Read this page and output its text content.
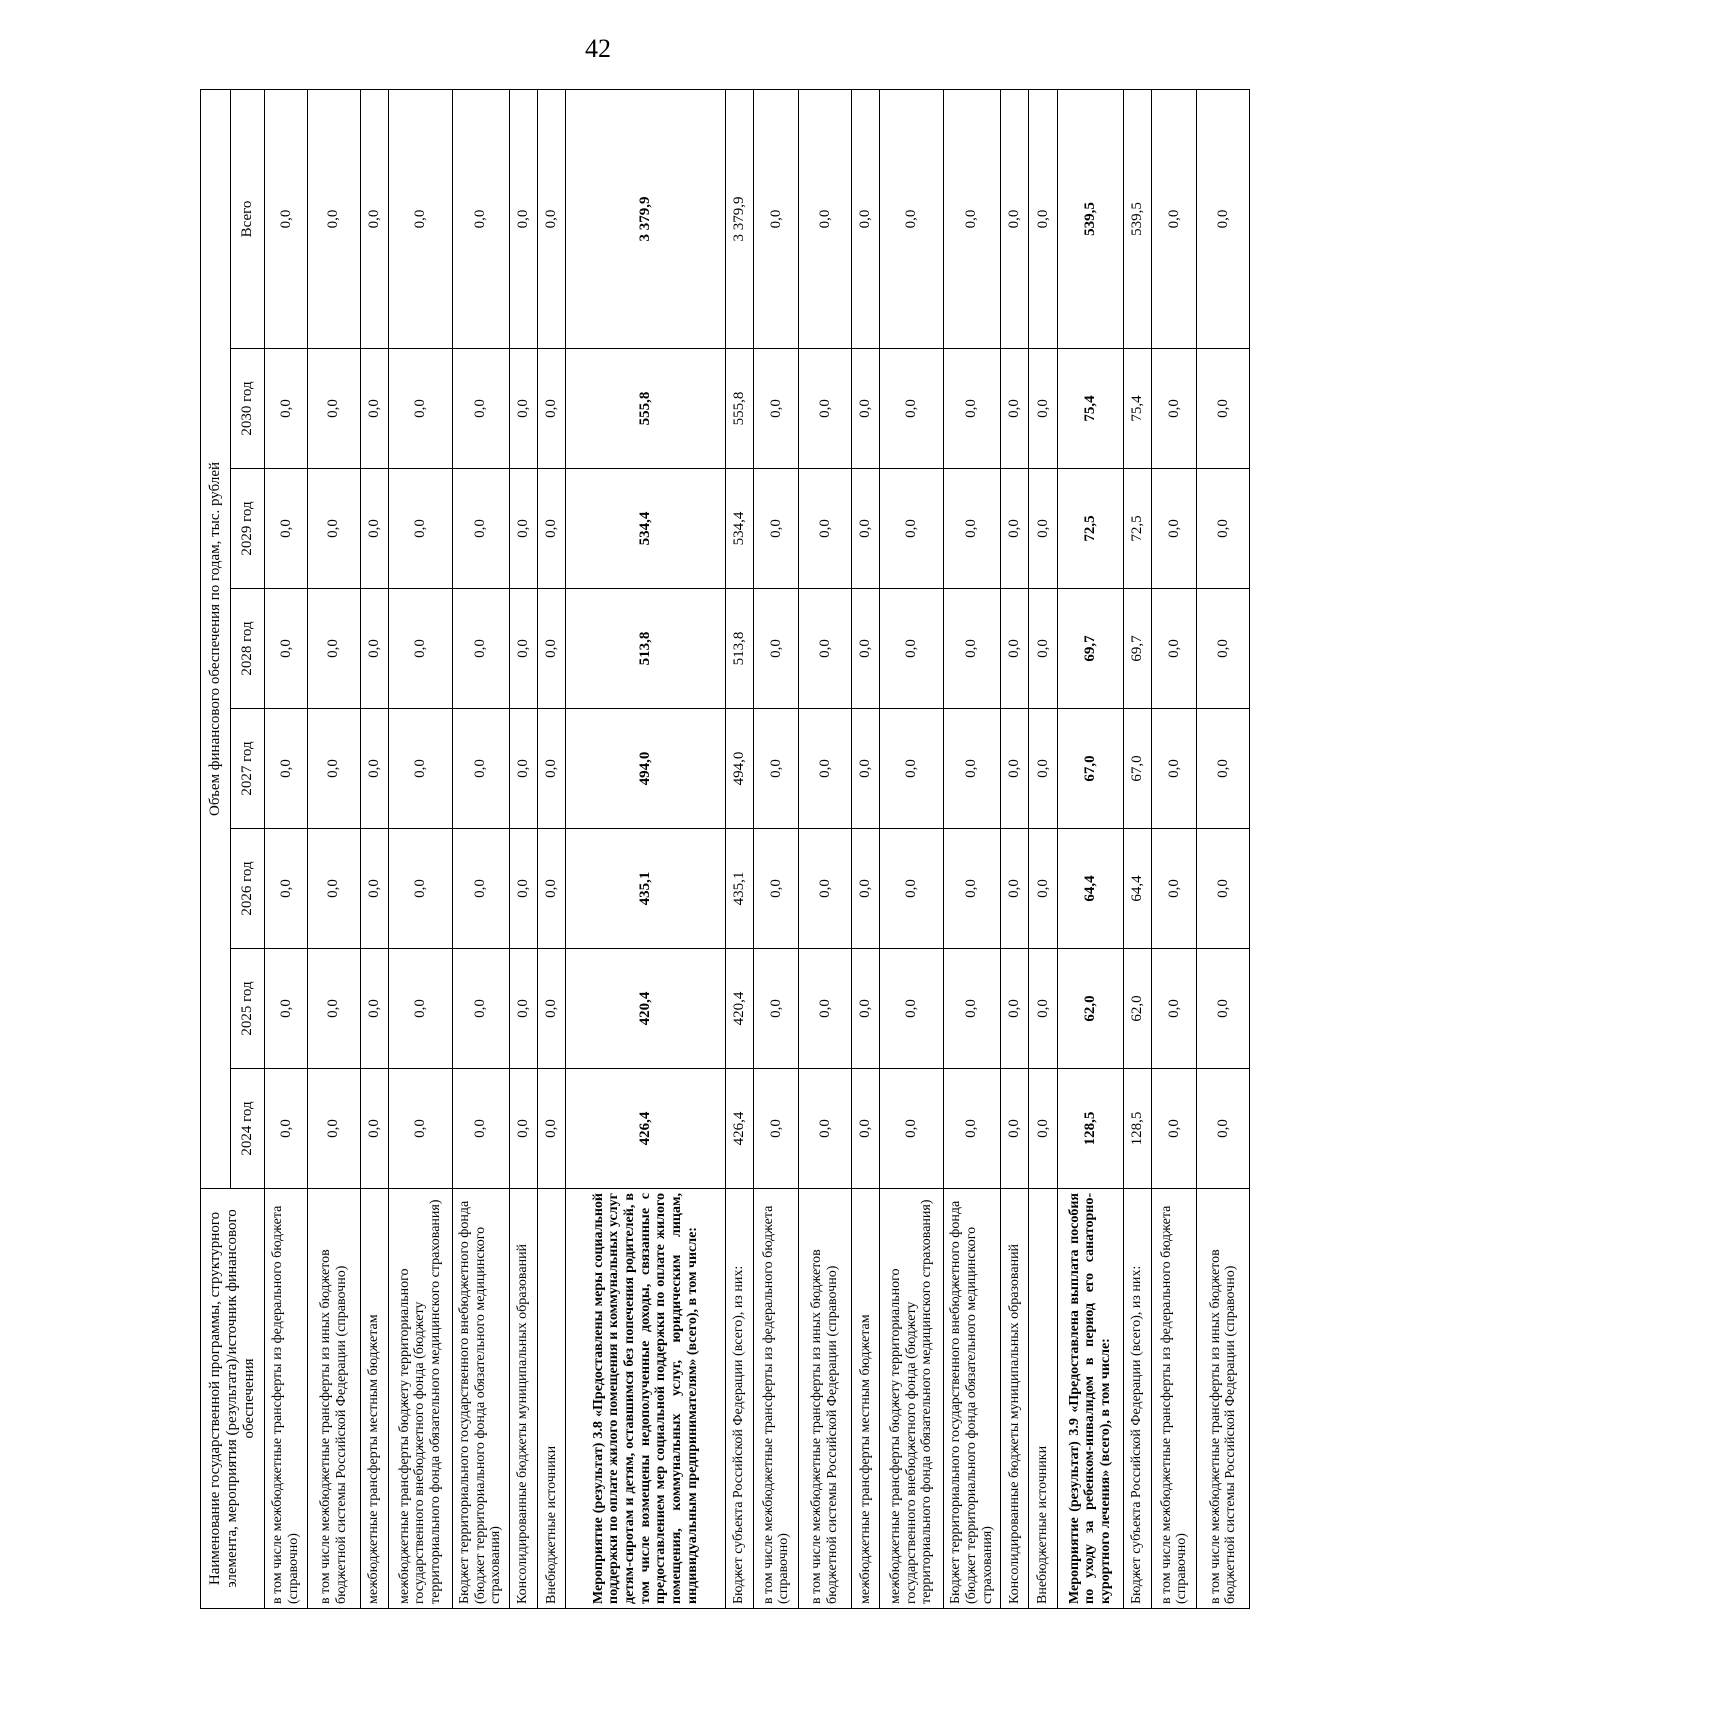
42
Наименование государственной программы, структурного элемента, мероприятия (результата)/источник финансового обеспечения	Объем финансового обеспечения по годам, тыс. рублей							
	2024 год	2025 год	2026 год	2027 год	2028 год	2029 год	2030 год	Всего
в том числе межбюджетные трансферты из федерального бюджета (справочно)	0,0	0,0	0,0	0,0	0,0	0,0	0,0	0,0
в том числе межбюджетные трансферты из иных бюджетов бюджетной системы Российской Федерации (справочно)	0,0	0,0	0,0	0,0	0,0	0,0	0,0	0,0
межбюджетные трансферты местным бюджетам	0,0	0,0	0,0	0,0	0,0	0,0	0,0	0,0
межбюджетные трансферты бюджету территориального государственного внебюджетного фонда (бюджету территориального фонда обязательного медицинского страхования)	0,0	0,0	0,0	0,0	0,0	0,0	0,0	0,0
Бюджет территориального государственного внебюджетного фонда (бюджет территориального фонда обязательного медицинского страхования)	0,0	0,0	0,0	0,0	0,0	0,0	0,0	0,0
Консолидированные бюджеты муниципальных образований	0,0	0,0	0,0	0,0	0,0	0,0	0,0	0,0
Внебюджетные источники	0,0	0,0	0,0	0,0	0,0	0,0	0,0	0,0
Мероприятие (результат) 3.8 «Предоставлены меры социальной поддержки по оплате жилого помещения и коммунальных услуг детям-сиротам и детям, оставшимся без попечения родителей, в том числе возмещены недополученные доходы, связанные с предоставлением мер социальной поддержки по оплате жилого помещения, коммунальных услуг, юридическим лицам, индивидуальным предпринимателям» (всего), в том числе:	426,4	420,4	435,1	494,0	513,8	534,4	555,8	3 379,9
Бюджет субъекта Российской Федерации (всего), из них:	426,4	420,4	435,1	494,0	513,8	534,4	555,8	3 379,9
в том числе межбюджетные трансферты из федерального бюджета (справочно)	0,0	0,0	0,0	0,0	0,0	0,0	0,0	0,0
в том числе межбюджетные трансферты из иных бюджетов бюджетной системы Российской Федерации (справочно)	0,0	0,0	0,0	0,0	0,0	0,0	0,0	0,0
межбюджетные трансферты местным бюджетам	0,0	0,0	0,0	0,0	0,0	0,0	0,0	0,0
межбюджетные трансферты бюджету территориального государственного внебюджетного фонда (бюджету территориального фонда обязательного медицинского страхования)	0,0	0,0	0,0	0,0	0,0	0,0	0,0	0,0
Бюджет территориального государственного внебюджетного фонда (бюджет территориального фонда обязательного медицинского страхования)	0,0	0,0	0,0	0,0	0,0	0,0	0,0	0,0
Консолидированные бюджеты муниципальных образований	0,0	0,0	0,0	0,0	0,0	0,0	0,0	0,0
Внебюджетные источники	0,0	0,0	0,0	0,0	0,0	0,0	0,0	0,0
Мероприятие (результат) 3.9 «Предоставлена выплата пособия по уходу за ребенком-инвалидом в период его санаторно-курортного лечения» (всего), в том числе:	128,5	62,0	64,4	67,0	69,7	72,5	75,4	539,5
Бюджет субъекта Российской Федерации (всего), из них:	128,5	62,0	64,4	67,0	69,7	72,5	75,4	539,5
в том числе межбюджетные трансферты из федерального бюджета (справочно)	0,0	0,0	0,0	0,0	0,0	0,0	0,0	0,0
в том числе межбюджетные трансферты из иных бюджетов бюджетной системы Российской Федерации (справочно)	0,0	0,0	0,0	0,0	0,0	0,0	0,0	0,0
